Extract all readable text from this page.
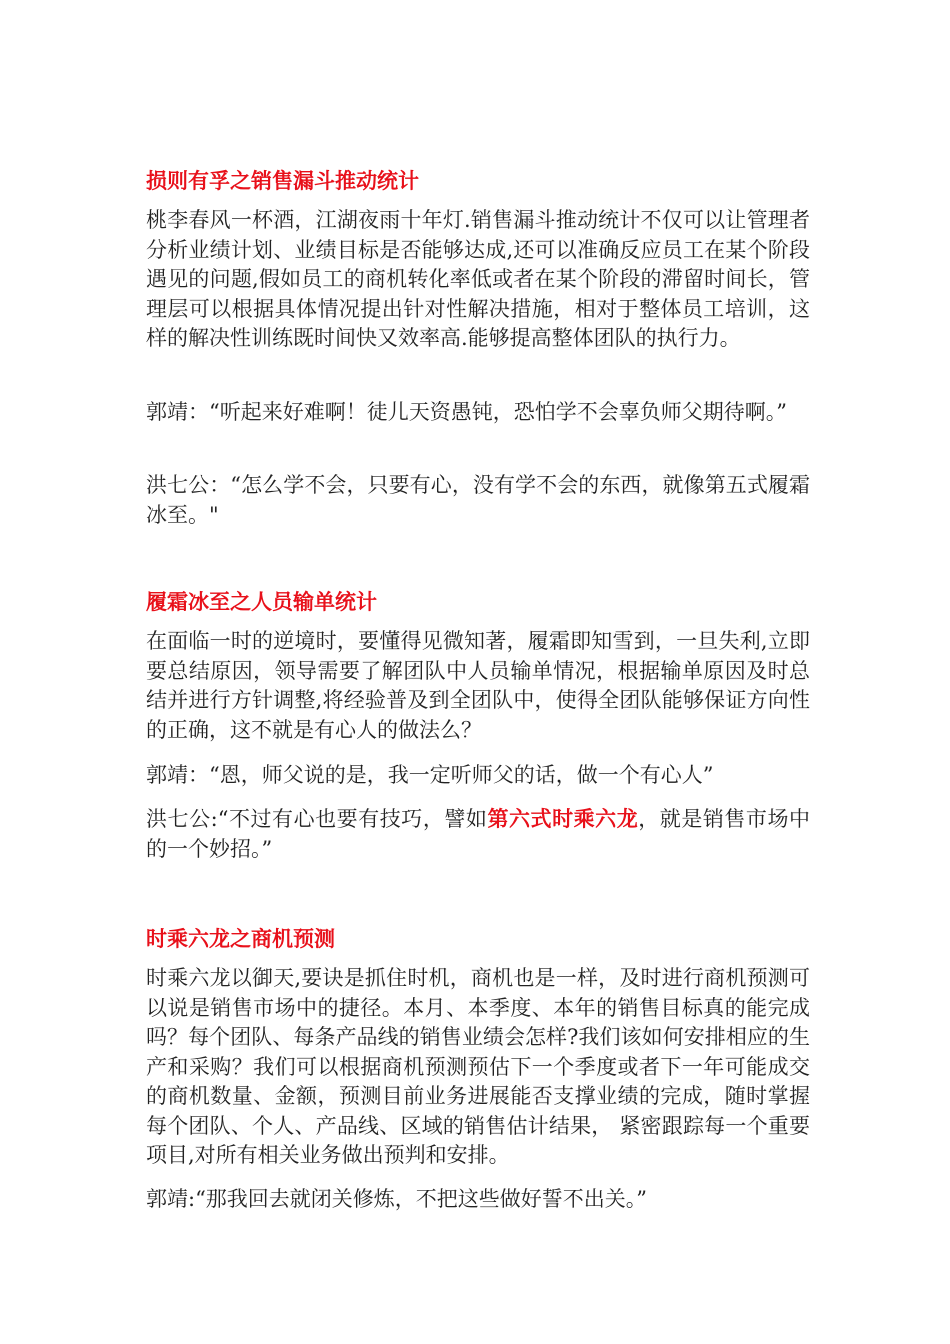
损则有孚之销售漏斗推动统计
桃李春风一杯酒，江湖夜雨十年灯.销售漏斗推动统计不仅可以让管理者分析业绩计划、业绩目标是否能够达成,还可以准确反应员工在某个阶段遇见的问题,假如员工的商机转化率低或者在某个阶段的滞留时间长，管理层可以根据具体情况提出针对性解决措施，相对于整体员工培训，这样的解决性训练既时间快又效率高.能够提高整体团队的执行力。
郭靖：“听起来好难啊！徒儿天资愚钝，恐怕学不会辜负师父期待啊。”
洪七公：“怎么学不会，只要有心，没有学不会的东西，就像第五式履霜冰至。"
履霜冰至之人员输单统计
在面临一时的逆境时，要懂得见微知著，履霜即知雪到，一旦失利,立即要总结原因，领导需要了解团队中人员输单情况，根据输单原因及时总结并进行方针调整,将经验普及到全团队中，使得全团队能够保证方向性的正确，这不就是有心人的做法么？
郭靖：“恩，师父说的是，我一定听师父的话，做一个有心人”
洪七公:“不过有心也要有技巧，譬如第六式时乘六龙，就是销售市场中的一个妙招。”
时乘六龙之商机预测
时乘六龙以御天,要诀是抓住时机，商机也是一样，及时进行商机预测可以说是销售市场中的捷径。本月、本季度、本年的销售目标真的能完成吗？每个团队、每条产品线的销售业绩会怎样?我们该如何安排相应的生产和采购？我们可以根据商机预测预估下一个季度或者下一年可能成交的商机数量、金额，预测目前业务进展能否支撑业绩的完成，随时掌握每个团队、个人、产品线、区域的销售估计结果， 紧密跟踪每一个重要项目,对所有相关业务做出预判和安排。
郭靖:“那我回去就闭关修炼，不把这些做好誓不出关。”
